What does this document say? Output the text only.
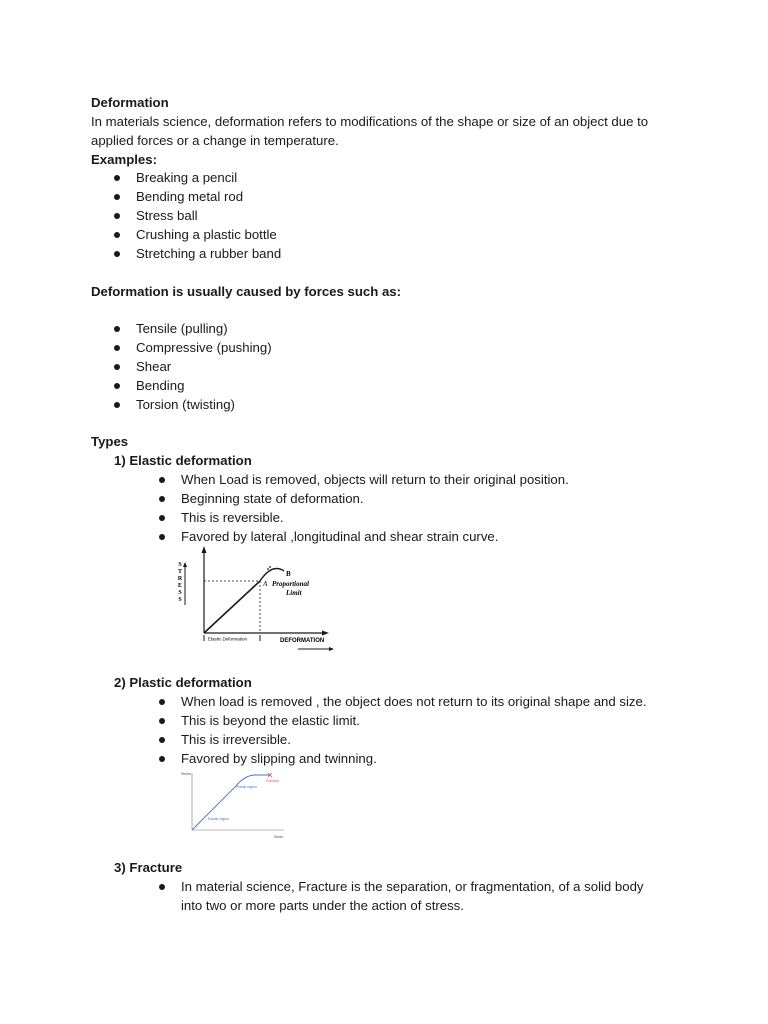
Deformation
In materials science, deformation refers to modifications of the shape or size of an object due to
applied forces or a change in temperature.
Examples:
Breaking a pencil
Bending metal rod
Stress ball
Crushing a plastic bottle
Stretching a rubber band
Deformation is usually caused by forces such as:
Tensile (pulling)
Compressive (pushing)
Shear
Bending
Torsion (twisting)
Types
1) Elastic deformation
When Load is removed, objects will return to their original position.
Beginning state of deformation.
This is reversible.
Favored by lateral ,longitudinal and shear strain curve.
S
T
R
E
S
S
B
A Proportional
Limit
Elastic Deformation	DEFORMATION
2) Plastic deformation
When load is removed , the object does not return to its original shape and size.
This is beyond the elastic limit.
This is irreversible.
Favored by slipping and twinning.
Stress
Strain
Fracture
Plastic region
Elastic region
3) Fracture
In material science, Fracture is the separation, or fragmentation, of a solid body
into two or more parts under the action of stress.
